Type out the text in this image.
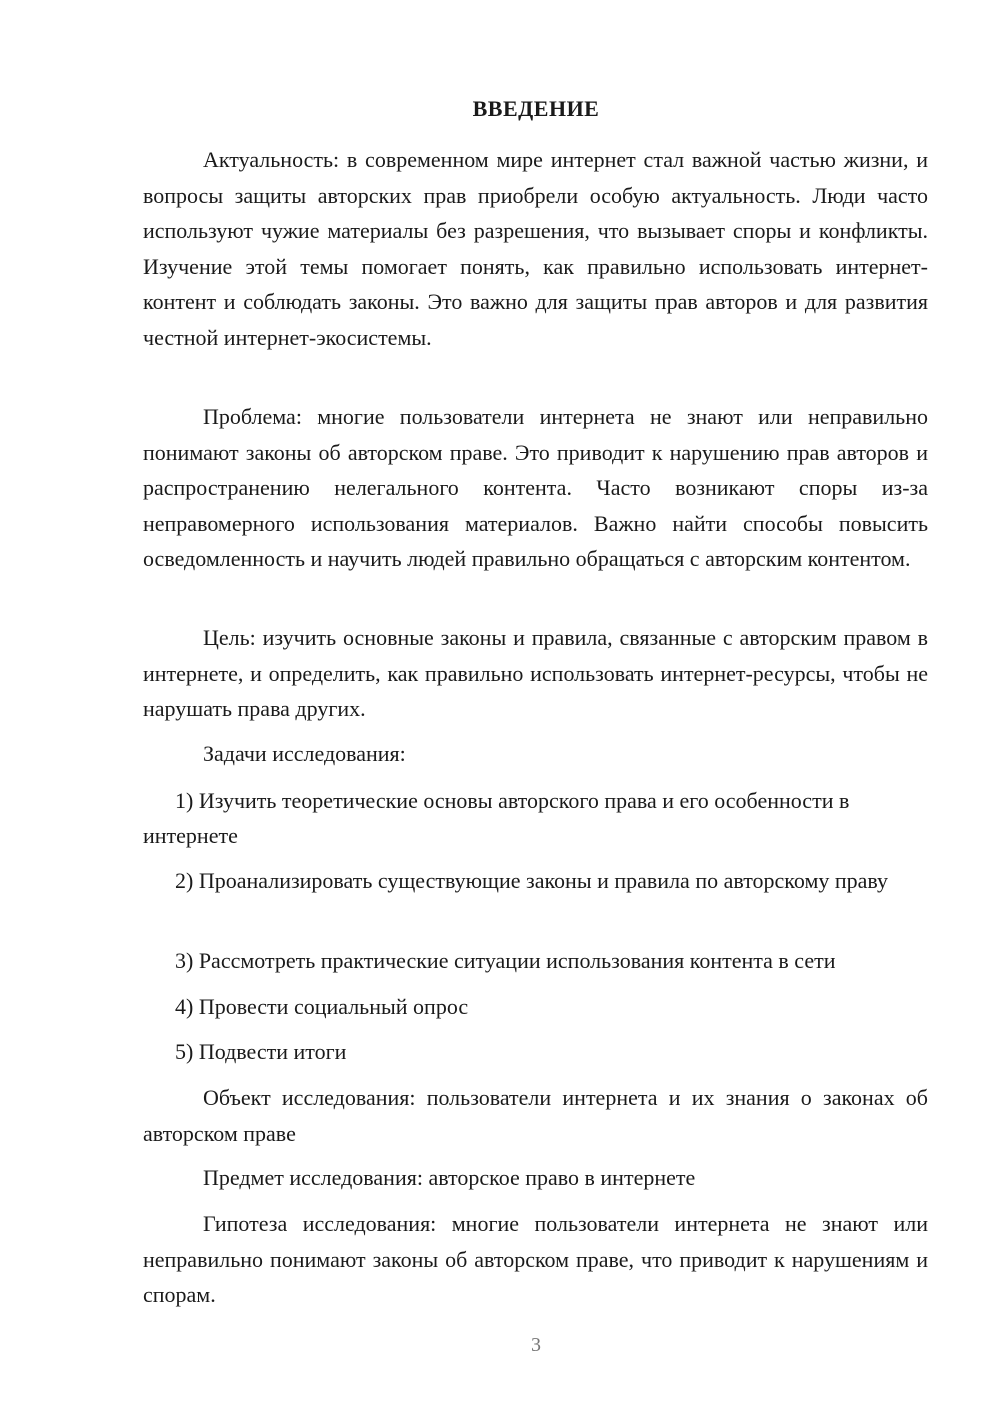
ВВЕДЕНИЕ

Актуальность: в современном мире интернет стал важной частью жизни, и вопросы защиты авторских прав приобрели особую актуальность. Люди часто используют чужие материалы без разрешения, что вызывает споры и конфликты. Изучение этой темы помогает понять, как правильно использовать интернет-контент и соблюдать законы. Это важно для защиты прав авторов и для развития честной интернет-экосистемы.

Проблема: многие пользователи интернета не знают или неправильно понимают законы об авторском праве. Это приводит к нарушению прав авторов и распространению нелегального контента. Часто возникают споры из-за неправомерного использования материалов. Важно найти способы повысить осведомленность и научить людей правильно обращаться с авторским контентом.

Цель: изучить основные законы и правила, связанные с авторским правом в интернете, и определить, как правильно использовать интернет-ресурсы, чтобы не нарушать права других.

Задачи исследования:

1) Изучить теоретические основы авторского права и его особенности в интернете

2) Проанализировать существующие законы и правила по авторскому праву

3) Рассмотреть практические ситуации использования контента в сети

4) Провести социальный опрос

5) Подвести итоги

Объект исследования: пользователи интернета и их знания о законах об авторском праве

Предмет исследования: авторское право в интернете

Гипотеза исследования: многие пользователи интернета не знают или неправильно понимают законы об авторском праве, что приводит к нарушениям и спорам.

3
